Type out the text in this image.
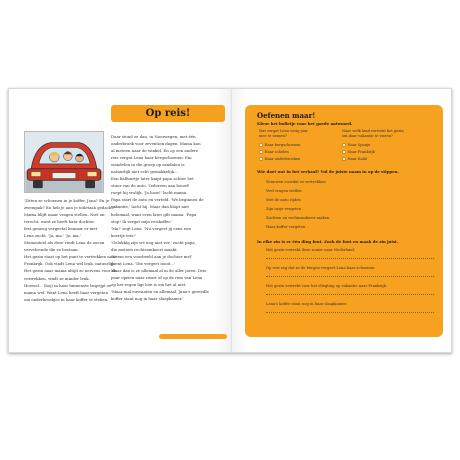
Op reis!

'Zitten ze schoenen in je koffer, Jana? En je

zwempak? En heb je aan je toiletzak gedacht?'

Mama blijft maar vragen stellen. Niet on-

terecht, want ze heeft haar dochter

fest genoeg vergeetal hemaar er met

Lena zucht. 'Ja, ma.' 'Ja, ma.'

Momenteel als deze vindt Lena de zoeon

verveleende die ze bestaan.

Het gezin staat op het punt te vertrekken naar

Frankrijk. Ook vindt Lena wel leuk, natuurlijk.

Het gezin naar mama altijd zo nerveus voor de

vertrekken, vindt ze minder leuk.

Hoewel... (hoj) in haar binnenste begrijpt ze

mama wel. Want Lena heeft haar vergeten

om onderbroekjes in haar koffer te steken.

Daar stond ze dan, in Noorwegen, met één

onderbroek voor zeventien dagen. Mama kon

al meteen naar de winkel. En op een andere

reis vergat Lena haar bergschoenen. Ein

wandelen in die groep op sandalen is

natuurlijk niet echt gemakkelijk...

Een halfuurtje later knipt papa achter het

stuur van de auto. 'Iedereen aan boord!

roept hij vrolijk. 'Ja hoor!' lacht mama.

Papa start de auto en verteld. 'We beginnen de

vakantie,' lacht hij. Maar dan klopt niet

helemaal, want even later gilt mama. 'Papa

stop! Ik vergat mijn reiskoffer.'

'Ma!' zegt Lena. 'Nu vergeet jij eens een

keertje iets!'

'Gelukkig zijn we nog niet ver,' zucht papa,

die meteen rechtsomkeert maakt.

'Neem een voorbeeld aan je dochter mel'

grent Lena. 'Die vergeet nooit...'

Maar dan is ze allemaal al in de aller jaren. Drie

paar opzien naar zwart of op de rem van Lena

op het regen ligt hoe is om het al niet.

'Maar mal euvraaten en allemaal, Jana's gereedle

koffer staat nog in haar slaapkamer.'

Oefenen maar!
Kleur het bolletje voor het goede antwoord.
Wat vergat Lena vorig jaar
mee te nemen?
Haar bergschoenen
Haar schelen
Haar onderbroeken
Naar welk land vertrekt het gezin
om daar vakantie te vieren?
Naar Spanje
Naar Frankrijk
Naar Italië
Wie doet wat in het verhaal? Vul de juiste naam in op de stippen.
Zenuwen voordat ze vertrekken
Veel vragen stellen
Met de auto rijden
Zijn tasje vergeten
Zuchten en rechtsomkeert maken
Haar koffer vergeten
In elke zin is er één ding fout. Zoek de fout en maak de zin juist.
Het gezin vertrekt deze zomer naar Nederland.
Op reis zeg dat ze de bergen vergeet Lena haar schoenen.
Het gezin vertrekt voor het vliegtuig op vakantie naar Frankrijk.
Lena's koffer staat nog in haar slaapkamer.
